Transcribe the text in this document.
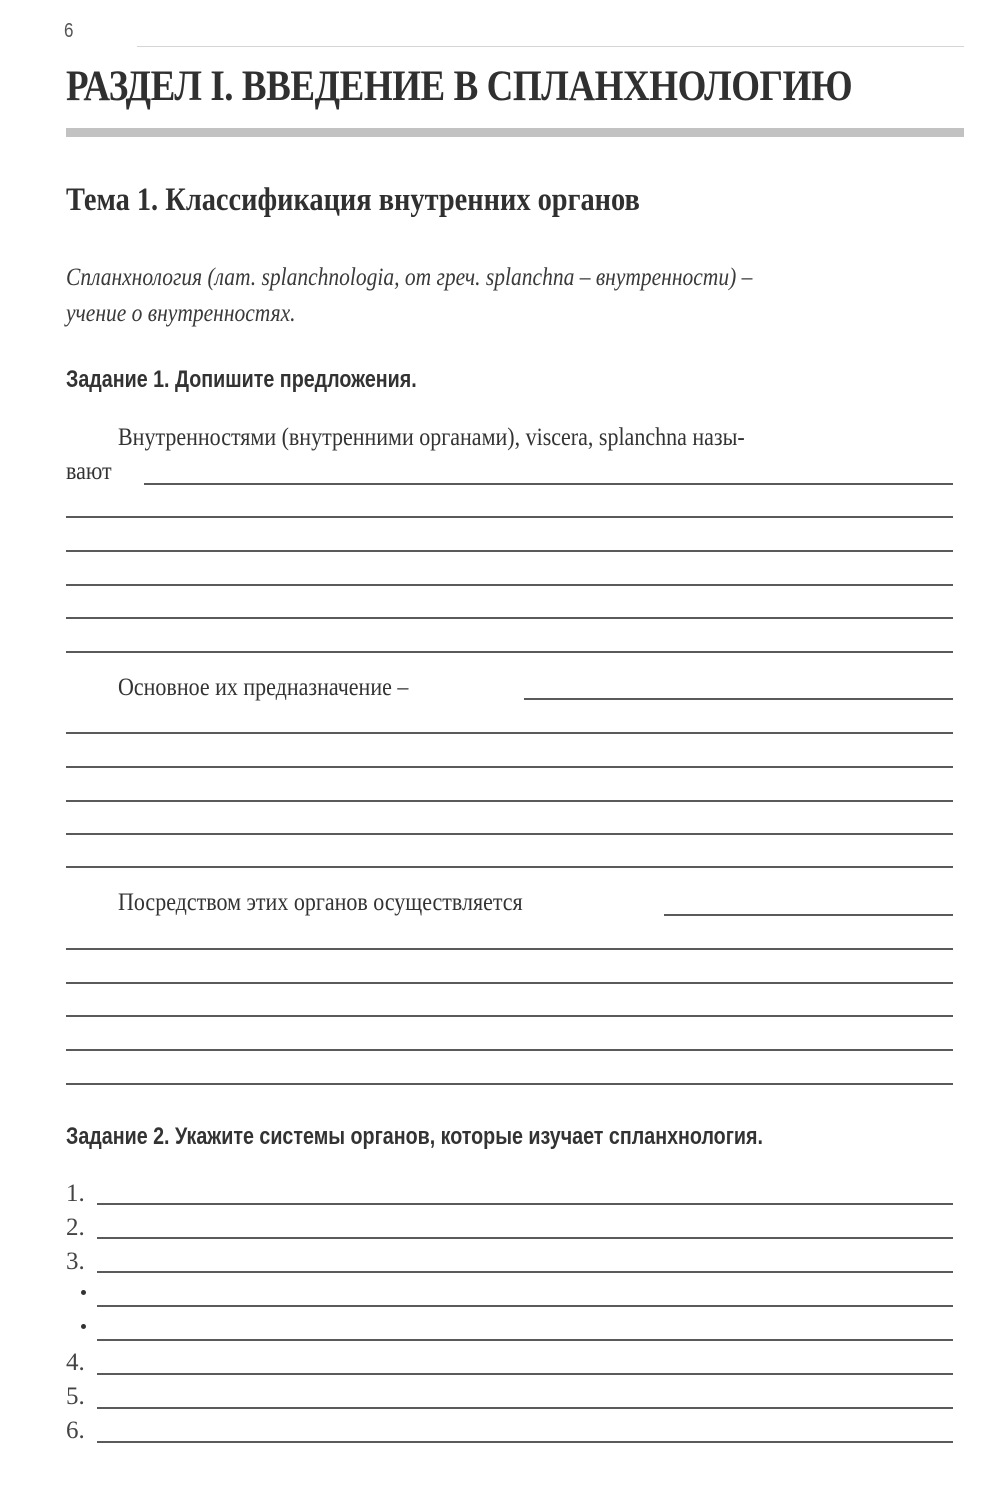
6
РАЗДЕЛ I. ВВЕДЕНИЕ В СПЛАНХНОЛОГИЮ
Тема 1. Классификация внутренних органов
Спланхнология (лат. splanchnologia, от греч. splanchna – внутренности) –
учение о внутренностях.
Задание 1. Допишите предложения.
Внутренностями (внутренними органами), viscera, splanchna назы-
вают
Основное их предназначение –
Посредством этих органов осуществляется
Задание 2. Укажите системы органов, которые изучает спланхнология.
1.
2.
3.
4.
5.
6.
